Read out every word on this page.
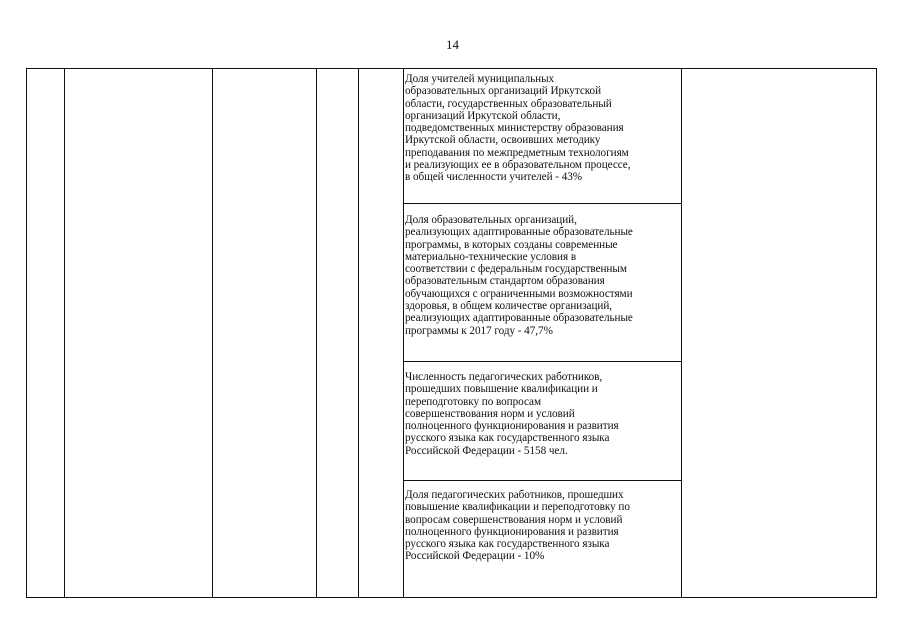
14
Доля учителей муниципальных
образовательных организаций Иркутской
области, государственных образовательный
организаций Иркутской области,
подведомственных министерству образования
Иркутской области, освоивших методику
преподавания по межпредметным технологиям
и реализующих ее в образовательном процессе,
в общей численности учителей - 43%
Доля образовательных организаций,
реализующих адаптированные образовательные
программы, в которых созданы современные
материально-технические условия в
соответствии с федеральным государственным
образовательным стандартом образования
обучающихся с ограниченными возможностями
здоровья, в общем количестве организаций,
реализующих адаптированные образовательные
программы к 2017 году - 47,7%
Численность педагогических работников,
прошедших повышение квалификации и
переподготовку по вопросам
совершенствования норм и условий
полноценного функционирования и развития
русского языка как государственного языка
Российской Федерации - 5158 чел.
Доля педагогических работников, прошедших
повышение квалификации и переподготовку по
вопросам совершенствования норм и условий
полноценного функционирования и развития
русского языка как государственного языка
Российской Федерации - 10%
